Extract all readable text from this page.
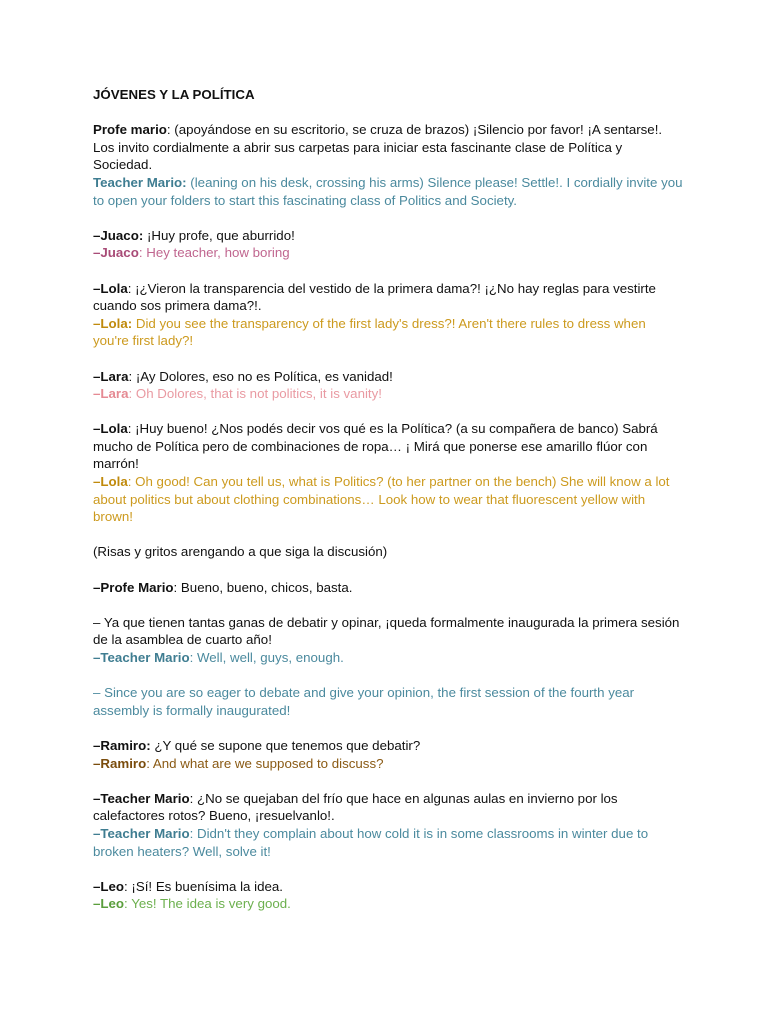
JÓVENES Y LA POLÍTICA

Profe mario: (apoyándose en su escritorio, se cruza de brazos) ¡Silencio por favor! ¡A sentarse!. Los invito cordialmente a abrir sus carpetas para iniciar esta fascinante clase de Política y Sociedad.

Teacher Mario: (leaning on his desk, crossing his arms) Silence please! Settle!. I cordially invite you to open your folders to start this fascinating class of Politics and Society.

–Juaco: ¡Huy profe, que aburrido!

–Juaco: Hey teacher, how boring

–Lola: ¡¿Vieron la transparencia del vestido de la primera dama?! ¡¿No hay reglas para vestirte cuando sos primera dama?!.

–Lola: Did you see the transparency of the first lady's dress?! Aren't there rules to dress when you're first lady?!

–Lara: ¡Ay Dolores, eso no es Política, es vanidad!

–Lara: Oh Dolores, that is not politics, it is vanity!

–Lola: ¡Huy bueno! ¿Nos podés decir vos qué es la Política? (a su compañera de banco) Sabrá mucho de Política pero de combinaciones de ropa… ¡ Mirá que ponerse ese amarillo flúor con marrón!

–Lola: Oh good! Can you tell us, what is Politics? (to her partner on the bench) She will know a lot about politics but about clothing combinations… Look how to wear that fluorescent yellow with brown!

(Risas y gritos arengando a que siga la discusión)

–Profe Mario: Bueno, bueno, chicos, basta.

– Ya que tienen tantas ganas de debatir y opinar, ¡queda formalmente inaugurada la primera sesión de la asamblea de cuarto año!

–Teacher Mario: Well, well, guys, enough.

– Since you are so eager to debate and give your opinion, the first session of the fourth year assembly is formally inaugurated!

–Ramiro: ¿Y qué se supone que tenemos que debatir?

–Ramiro: And what are we supposed to discuss?

–Teacher Mario: ¿No se quejaban del frío que hace en algunas aulas en invierno por los calefactores rotos? Bueno, ¡resuelvanlo!.

–Teacher Mario: Didn't they complain about how cold it is in some classrooms in winter due to broken heaters? Well, solve it!

–Leo: ¡Sí! Es buenísima la idea.

–Leo: Yes! The idea is very good.
